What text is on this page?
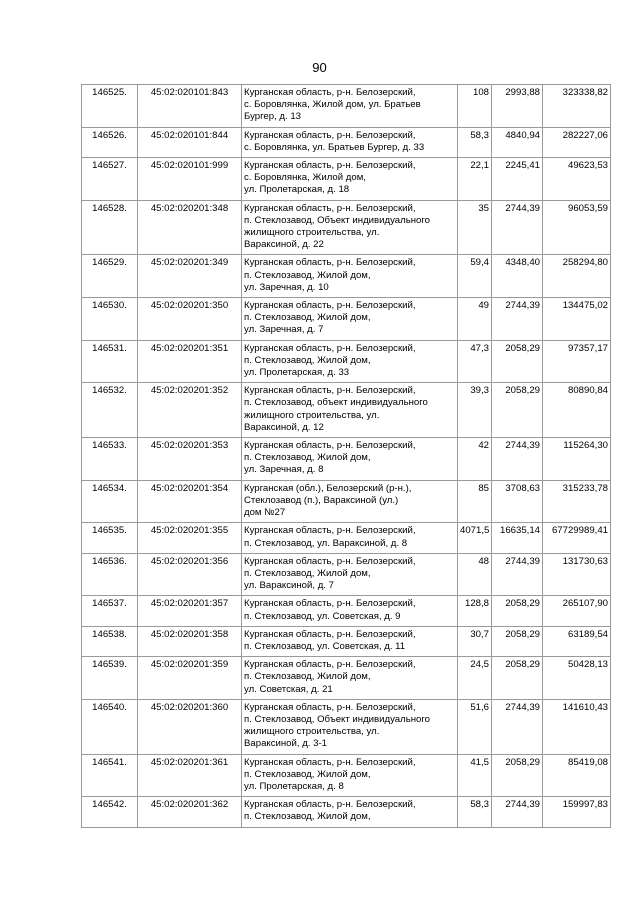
90
146525.	45:02:020101:843	Курганская область, р-н. Белозерский,
с. Боровлянка, Жилой дом, ул. Братьев
Бургер, д. 13	108	2993,88	323338,82
146526.	45:02:020101:844	Курганская область, р-н. Белозерский,
с. Боровлянка, ул. Братьев Бургер, д. 33	58,3	4840,94	282227,06
146527.	45:02:020101:999	Курганская область, р-н. Белозерский,
с. Боровлянка, Жилой дом,
ул. Пролетарская, д. 18	22,1	2245,41	49623,53
146528.	45:02:020201:348	Курганская область, р-н. Белозерский,
п. Стеклозавод, Объект индивидуального
жилищного строительства, ул.
Вараксиной, д. 22	35	2744,39	96053,59
146529.	45:02:020201:349	Курганская область, р-н. Белозерский,
п. Стеклозавод, Жилой дом,
ул. Заречная, д. 10	59,4	4348,40	258294,80
146530.	45:02:020201:350	Курганская область, р-н. Белозерский,
п. Стеклозавод, Жилой дом,
ул. Заречная, д. 7	49	2744,39	134475,02
146531.	45:02:020201:351	Курганская область, р-н. Белозерский,
п. Стеклозавод, Жилой дом,
ул. Пролетарская, д. 33	47,3	2058,29	97357,17
146532.	45:02:020201:352	Курганская область, р-н. Белозерский,
п. Стеклозавод, объект индивидуального
жилищного строительства, ул.
Вараксиной, д. 12	39,3	2058,29	80890,84
146533.	45:02:020201:353	Курганская область, р-н. Белозерский,
п. Стеклозавод, Жилой дом,
ул. Заречная, д. 8	42	2744,39	115264,30
146534.	45:02:020201:354	Курганская (обл.), Белозерский (р-н.),
Стеклозавод (п.), Вараксиной (ул.)
дом №27	85	3708,63	315233,78
146535.	45:02:020201:355	Курганская область, р-н. Белозерский,
п. Стеклозавод, ул. Вараксиной, д. 8	4071,5	16635,14	67729989,41
146536.	45:02:020201:356	Курганская область, р-н. Белозерский,
п. Стеклозавод, Жилой дом,
ул. Вараксиной, д. 7	48	2744,39	131730,63
146537.	45:02:020201:357	Курганская область, р-н. Белозерский,
п. Стеклозавод, ул. Советская, д. 9	128,8	2058,29	265107,90
146538.	45:02:020201:358	Курганская область, р-н. Белозерский,
п. Стеклозавод, ул. Советская, д. 11	30,7	2058,29	63189,54
146539.	45:02:020201:359	Курганская область, р-н. Белозерский,
п. Стеклозавод, Жилой дом,
ул. Советская, д. 21	24,5	2058,29	50428,13
146540.	45:02:020201:360	Курганская область, р-н. Белозерский,
п. Стеклозавод, Объект индивидуального
жилищного строительства, ул.
Вараксиной, д. 3-1	51,6	2744,39	141610,43
146541.	45:02:020201:361	Курганская область, р-н. Белозерский,
п. Стеклозавод, Жилой дом,
ул. Пролетарская, д. 8	41,5	2058,29	85419,08
146542.	45:02:020201:362	Курганская область, р-н. Белозерский,
п. Стеклозавод, Жилой дом,	58,3	2744,39	159997,83
